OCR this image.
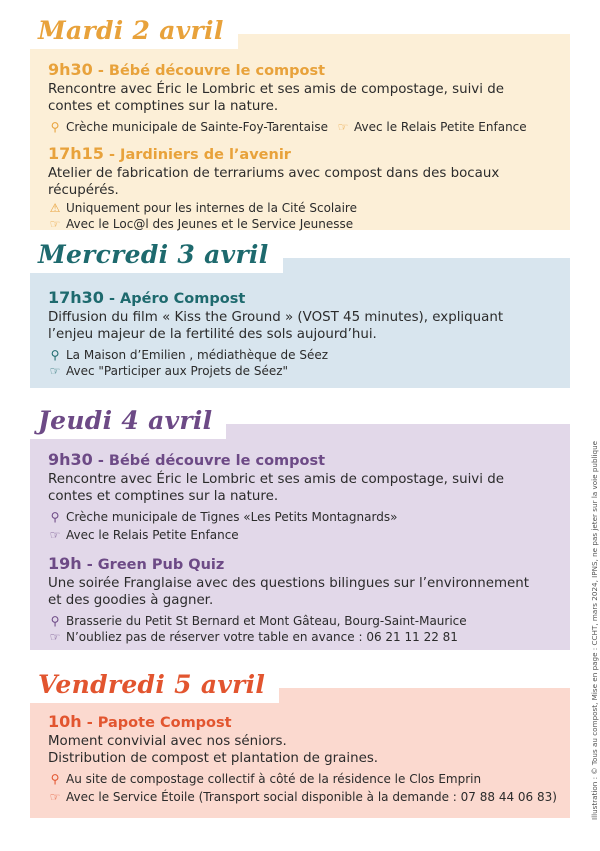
Mardi 2 avril
9h30 - Bébé découvre le compost
Rencontre avec Éric le Lombric et ses amis de compostage, suivi de
contes et comptines sur la nature.
⚲ Crèche municipale de Sainte-Foy-Tarentaise ☞ Avec le Relais Petite Enfance
17h15 - Jardiniers de l’avenir
Atelier de fabrication de terrariums avec compost dans des bocaux récupérés.
⚠ Uniquement pour les internes de la Cité Scolaire
☞ Avec le Loc@l des Jeunes et le Service Jeunesse
Mercredi 3 avril
17h30 - Apéro Compost
Diffusion du film « Kiss the Ground » (VOST 45 minutes), expliquant
l’enjeu majeur de la fertilité des sols aujourd’hui.
⚲ La Maison d’Emilien , médiathèque de Séez
☞ Avec "Participer aux Projets de Séez"
Jeudi 4 avril
9h30 - Bébé découvre le compost
Rencontre avec Éric le Lombric et ses amis de compostage, suivi de
contes et comptines sur la nature.
⚲ Crèche municipale de Tignes «Les Petits Montagnards»
☞ Avec le Relais Petite Enfance
19h - Green Pub Quiz
Une soirée Franglaise avec des questions bilingues sur l’environnement
et des goodies à gagner.
⚲ Brasserie du Petit St Bernard et Mont Gâteau, Bourg-Saint-Maurice
☞ N’oubliez pas de réserver votre table en avance : 06 21 11 22 81
Vendredi 5 avril
10h - Papote Compost
Moment convivial avec nos séniors.
Distribution de compost et plantation de graines.
⚲ Au site de compostage collectif à côté de la résidence le Clos Emprin
☞ Avec le Service Étoile (Transport social disponible à la demande : 07 88 44 06 83)	Illustration : © Tous au compost, Mise en page : CCHT, mars 2024, IPNS, ne pas jeter sur la voie publique
